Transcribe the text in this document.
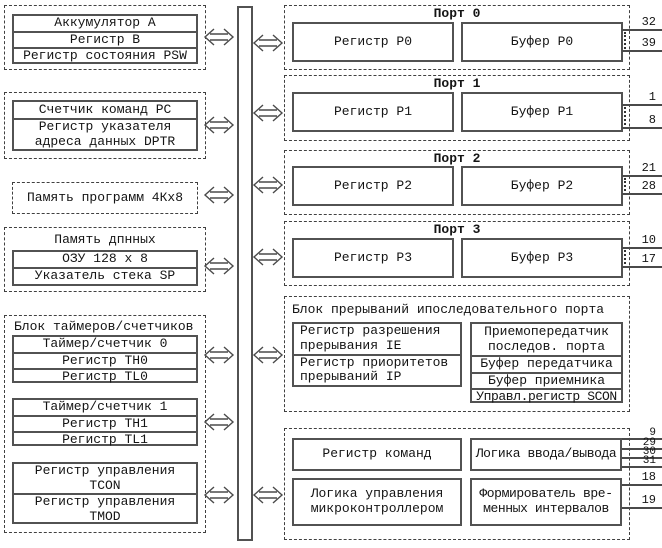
Аккумулятор А
Регистр В
Регистр состояния PSW
Счетчик команд PC
Регистр указателя
адреса данных DPTR
Память программ 4Кх8
Память дпнных
ОЗУ 128 x 8
Указатель стека SP
Блок таймеров/счетчиков
Таймер/счетчик 0
Регистр TH0
Регистр TL0
Таймер/счетчик 1
Регистр TH1
Регистр TL1
Регистр управления
TCON
Регистр управления
TMOD
Порт 0
Регистр P0	Буфер P0
32
39
Порт 1
Регистр P1	Буфер P1
1
8
Порт 2
Регистр P2	Буфер P2
21
28
Порт 3
Регистр P3	Буфер P3
10
17
Блок прерываний ипоследовательного порта
Регистр разрешения
прерывания IE
Регистр приоритетов
прерываний IP
Приемопередатчик
последов. порта
Буфер передатчика
Буфер приемника
Управл.регистр SCON
Регистр команд	Логика ввода/вывода
Логика управления
микроконтроллером
Формирователь вре-
менных интервалов
9
29
30
31
18
19
